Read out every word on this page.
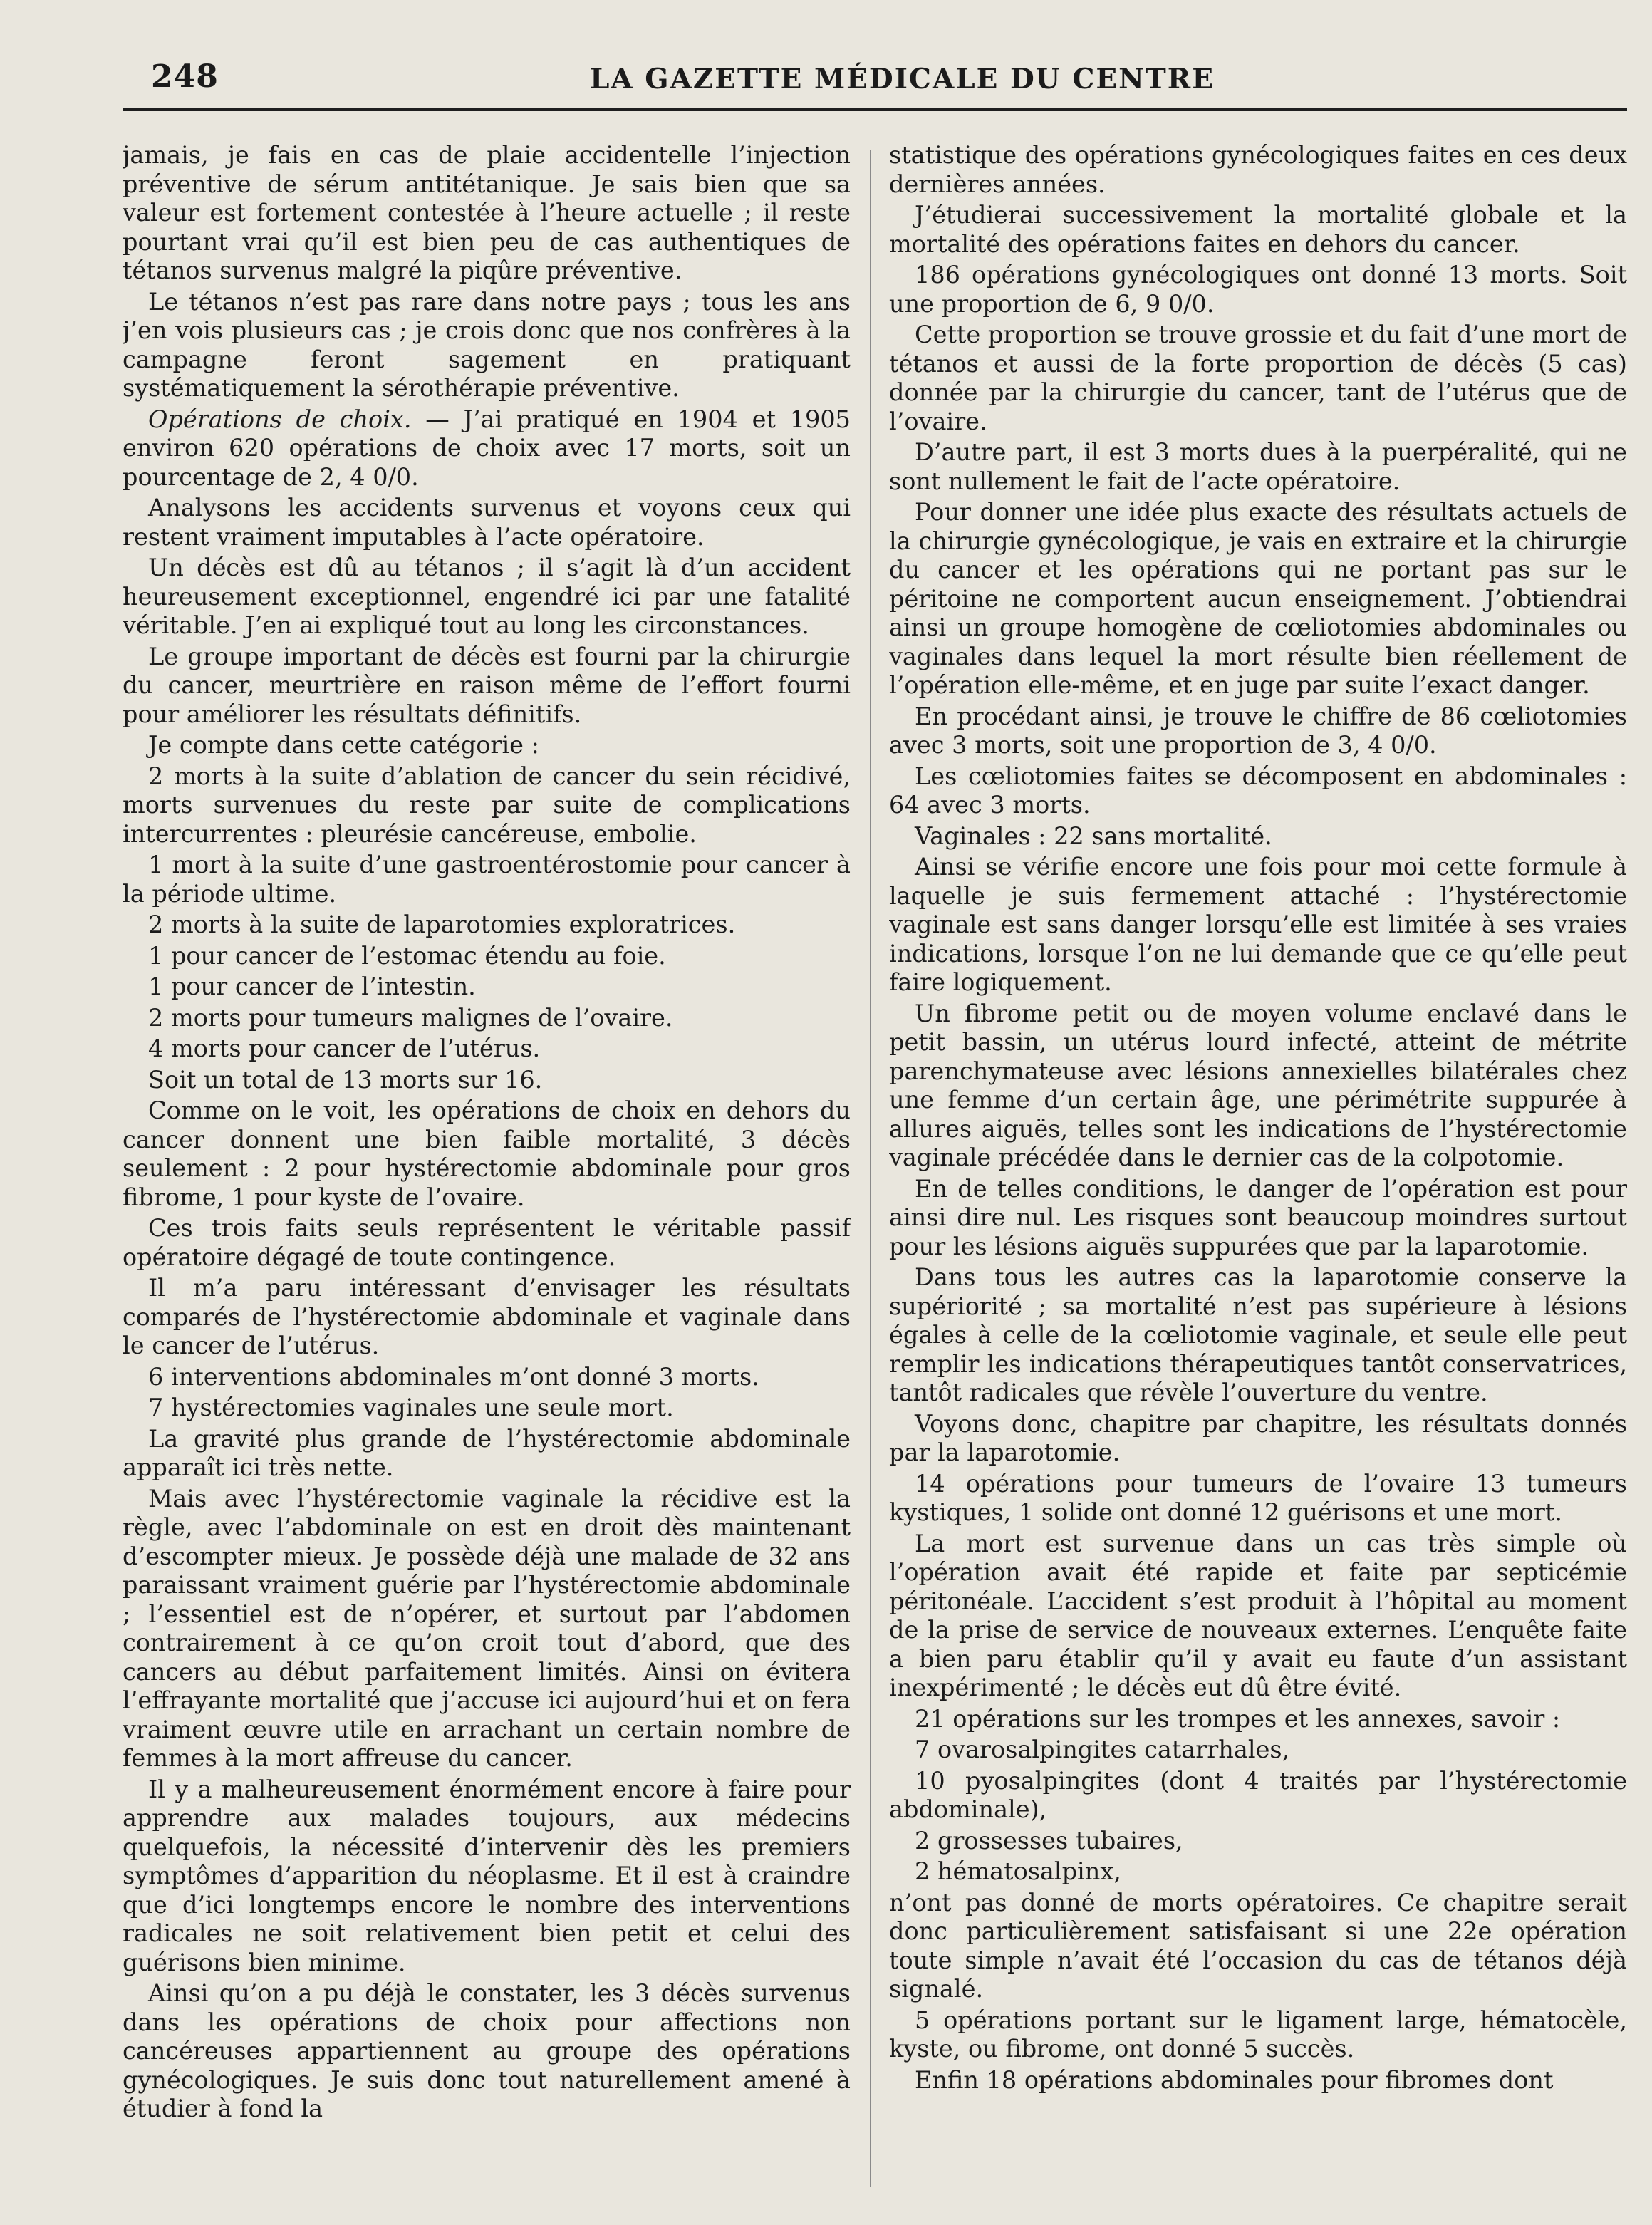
248	LA GAZETTE MÉDICALE DU CENTRE

jamais, je fais en cas de plaie accidentelle l’injection préventive de sérum antitétanique. Je sais bien que sa valeur est fortement contestée à l’heure actuelle ; il reste pourtant vrai qu’il est bien peu de cas authentiques de tétanos survenus malgré la piqûre préventive.

Le tétanos n’est pas rare dans notre pays ; tous les ans j’en vois plusieurs cas ; je crois donc que nos confrères à la campagne feront sagement en pratiquant systématiquement la sérothérapie préventive.

Opérations de choix. — J’ai pratiqué en 1904 et 1905 environ 620 opérations de choix avec 17 morts, soit un pourcentage de 2, 4 0/0.

Analysons les accidents survenus et voyons ceux qui restent vraiment imputables à l’acte opératoire.

Un décès est dû au tétanos ; il s’agit là d’un accident heureusement exceptionnel, engendré ici par une fatalité véritable. J’en ai expliqué tout au long les circonstances.

Le groupe important de décès est fourni par la chirurgie du cancer, meurtrière en raison même de l’effort fourni pour améliorer les résultats définitifs.

Je compte dans cette catégorie :

2 morts à la suite d’ablation de cancer du sein récidivé, morts survenues du reste par suite de complications intercurrentes : pleurésie cancéreuse, embolie.

1 mort à la suite d’une gastroentérostomie pour cancer à la période ultime.

2 morts à la suite de laparotomies exploratrices.

1 pour cancer de l’estomac étendu au foie.

1 pour cancer de l’intestin.

2 morts pour tumeurs malignes de l’ovaire.

4 morts pour cancer de l’utérus.

Soit un total de 13 morts sur 16.

Comme on le voit, les opérations de choix en dehors du cancer donnent une bien faible mortalité, 3 décès seulement : 2 pour hystérectomie abdominale pour gros fibrome, 1 pour kyste de l’ovaire.

Ces trois faits seuls représentent le véritable passif opératoire dégagé de toute contingence.

Il m’a paru intéressant d’envisager les résultats comparés de l’hystérectomie abdominale et vaginale dans le cancer de l’utérus.

6 interventions abdominales m’ont donné 3 morts.

7 hystérectomies vaginales une seule mort.

La gravité plus grande de l’hystérectomie abdominale apparaît ici très nette.

Mais avec l’hystérectomie vaginale la récidive est la règle, avec l’abdominale on est en droit dès maintenant d’escompter mieux. Je possède déjà une malade de 32 ans paraissant vraiment guérie par l’hystérectomie abdominale ; l’essentiel est de n’opérer, et surtout par l’abdomen contrairement à ce qu’on croit tout d’abord, que des cancers au début parfaitement limités. Ainsi on évitera l’effrayante mortalité que j’accuse ici aujourd’hui et on fera vraiment œuvre utile en arrachant un certain nombre de femmes à la mort affreuse du cancer.

Il y a malheureusement énormément encore à faire pour apprendre aux malades toujours, aux médecins quelquefois, la nécessité d’intervenir dès les premiers symptômes d’apparition du néoplasme. Et il est à craindre que d’ici longtemps encore le nombre des interventions radicales ne soit relativement bien petit et celui des guérisons bien minime.

Ainsi qu’on a pu déjà le constater, les 3 décès survenus dans les opérations de choix pour affections non cancéreuses appartiennent au groupe des opérations gynécologiques. Je suis donc tout naturellement amené à étudier à fond la

statistique des opérations gynécologiques faites en ces deux dernières années.

J’étudierai successivement la mortalité globale et la mortalité des opérations faites en dehors du cancer.

186 opérations gynécologiques ont donné 13 morts. Soit une proportion de 6, 9 0/0.

Cette proportion se trouve grossie et du fait d’une mort de tétanos et aussi de la forte proportion de décès (5 cas) donnée par la chirurgie du cancer, tant de l’utérus que de l’ovaire.

D’autre part, il est 3 morts dues à la puerpéralité, qui ne sont nullement le fait de l’acte opératoire.

Pour donner une idée plus exacte des résultats actuels de la chirurgie gynécologique, je vais en extraire et la chirurgie du cancer et les opérations qui ne portant pas sur le péritoine ne comportent aucun enseignement. J’obtiendrai ainsi un groupe homogène de cœliotomies abdominales ou vaginales dans lequel la mort résulte bien réellement de l’opération elle-même, et en juge par suite l’exact danger.

En procédant ainsi, je trouve le chiffre de 86 cœliotomies avec 3 morts, soit une proportion de 3, 4 0/0.

Les cœliotomies faites se décomposent en abdominales : 64 avec 3 morts.

Vaginales : 22 sans mortalité.

Ainsi se vérifie encore une fois pour moi cette formule à laquelle je suis fermement attaché : l’hystérectomie vaginale est sans danger lorsqu’elle est limitée à ses vraies indications, lorsque l’on ne lui demande que ce qu’elle peut faire logiquement.

Un fibrome petit ou de moyen volume enclavé dans le petit bassin, un utérus lourd infecté, atteint de métrite parenchymateuse avec lésions annexielles bilatérales chez une femme d’un certain âge, une périmétrite suppurée à allures aiguës, telles sont les indications de l’hystérectomie vaginale précédée dans le dernier cas de la colpotomie.

En de telles conditions, le danger de l’opération est pour ainsi dire nul. Les risques sont beaucoup moindres surtout pour les lésions aiguës suppurées que par la laparotomie.

Dans tous les autres cas la laparotomie conserve la supériorité ; sa mortalité n’est pas supérieure à lésions égales à celle de la cœliotomie vaginale, et seule elle peut remplir les indications thérapeutiques tantôt conservatrices, tantôt radicales que révèle l’ouverture du ventre.

Voyons donc, chapitre par chapitre, les résultats donnés par la laparotomie.

14 opérations pour tumeurs de l’ovaire 13 tumeurs kystiques, 1 solide ont donné 12 guérisons et une mort.

La mort est survenue dans un cas très simple où l’opération avait été rapide et faite par septicémie péritonéale. L’accident s’est produit à l’hôpital au moment de la prise de service de nouveaux externes. L’enquête faite a bien paru établir qu’il y avait eu faute d’un assistant inexpérimenté ; le décès eut dû être évité.

21 opérations sur les trompes et les annexes, savoir :

7 ovarosalpingites catarrhales,

10 pyosalpingites (dont 4 traités par l’hystérectomie abdominale),

2 grossesses tubaires,

2 hématosalpinx,

n’ont pas donné de morts opératoires. Ce chapitre serait donc particulièrement satisfaisant si une 22e opération toute simple n’avait été l’occasion du cas de tétanos déjà signalé.

5 opérations portant sur le ligament large, hématocèle, kyste, ou fibrome, ont donné 5 succès.

Enfin 18 opérations abdominales pour fibromes dont
